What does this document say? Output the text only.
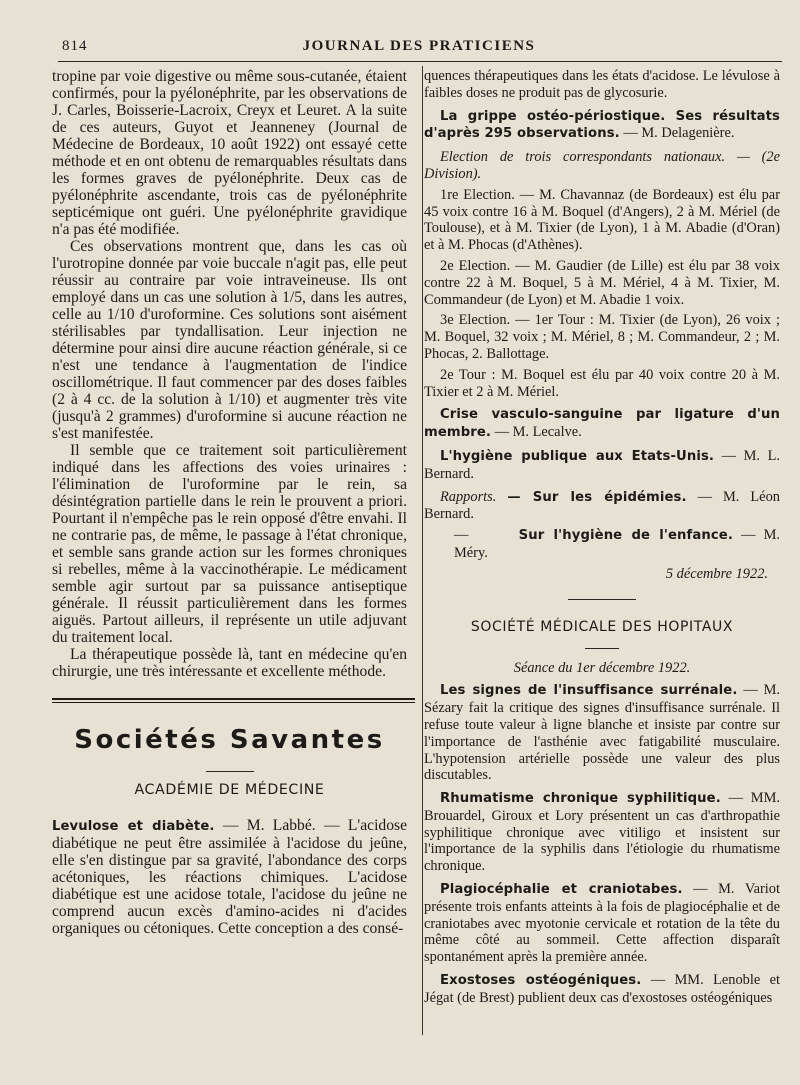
814	JOURNAL DES PRATICIENS

tropine par voie digestive ou même sous-cutanée, étaient confirmés, pour la pyélonéphrite, par les observations de J. Carles, Boisserie-Lacroix, Creyx et Leuret. A la suite de ces auteurs, Guyot et Jeanneney (Journal de Médecine de Bordeaux, 10 août 1922) ont essayé cette méthode et en ont obtenu de remarquables résultats dans les formes graves de pyélonéphrite. Deux cas de pyélonéphrite ascendante, trois cas de pyélonéphrite septicémique ont guéri. Une pyélonéphrite gravidique n'a pas été modifiée.

Ces observations montrent que, dans les cas où l'urotropine donnée par voie buccale n'agit pas, elle peut réussir au contraire par voie intraveineuse. Ils ont employé dans un cas une solution à 1/5, dans les autres, celle au 1/10 d'uroformine. Ces solutions sont aisément stérilisables par tyndallisation. Leur injection ne détermine pour ainsi dire aucune réaction générale, si ce n'est une tendance à l'augmentation de l'indice oscillométrique. Il faut commencer par des doses faibles (2 à 4 cc. de la solution à 1/10) et augmenter très vite (jusqu'à 2 grammes) d'uroformine si aucune réaction ne s'est manifestée.

Il semble que ce traitement soit particulièrement indiqué dans les affections des voies urinaires : l'élimination de l'uroformine par le rein, sa désintégration partielle dans le rein le prouvent a priori. Pourtant il n'empêche pas le rein opposé d'être envahi. Il ne contrarie pas, de même, le passage à l'état chronique, et semble sans grande action sur les formes chroniques si rebelles, même à la vaccinothérapie. Le médicament semble agir surtout par sa puissance antiseptique générale. Il réussit particulièrement dans les formes aiguës. Partout ailleurs, il représente un utile adjuvant du traitement local.

La thérapeutique possède là, tant en médecine qu'en chirurgie, une très intéressante et excellente méthode.

Sociétés Savantes
ACADÉMIE DE MÉDECINE

Levulose et diabète. — M. Labbé. — L'acidose diabétique ne peut être assimilée à l'acidose du jeûne, elle s'en distingue par sa gravité, l'abondance des corps acétoniques, les réactions chimiques. L'acidose diabétique est une acidose totale, l'acidose du jeûne ne comprend aucun excès d'amino-acides ni d'acides organiques ou cétoniques. Cette conception a des consé-

quences thérapeutiques dans les états d'acidose. Le lévulose à faibles doses ne produit pas de glycosurie.

La grippe ostéo-périostique. Ses résultats d'après 295 observations. — M. Delagenière.

Election de trois correspondants nationaux. — (2e Division).

1re Election. — M. Chavannaz (de Bordeaux) est élu par 45 voix contre 16 à M. Boquel (d'Angers), 2 à M. Mériel (de Toulouse), et à M. Tixier (de Lyon), 1 à M. Abadie (d'Oran) et à M. Phocas (d'Athènes).

2e Election. — M. Gaudier (de Lille) est élu par 38 voix contre 22 à M. Boquel, 5 à M. Mériel, 4 à M. Tixier, M. Commandeur (de Lyon) et M. Abadie 1 voix.

3e Election. — 1er Tour : M. Tixier (de Lyon), 26 voix ; M. Boquel, 32 voix ; M. Mériel, 8 ; M. Commandeur, 2 ; M. Phocas, 2. Ballottage.

2e Tour : M. Boquel est élu par 40 voix contre 20 à M. Tixier et 2 à M. Mériel.

Crise vasculo-sanguine par ligature d'un membre. — M. Lecalve.

L'hygiène publique aux Etats-Unis. — M. L. Bernard.

Rapports. — Sur les épidémies. — M. Léon Bernard.

—	Sur l'hygiène de l'enfance. — M. Méry.

5 décembre 1922.

SOCIÉTÉ MÉDICALE DES HOPITAUX

Séance du 1er décembre 1922.

Les signes de l'insuffisance surrénale. — M. Sézary fait la critique des signes d'insuffisance surrénale. Il refuse toute valeur à ligne blanche et insiste par contre sur l'importance de l'asthénie avec fatigabilité musculaire. L'hypotension artérielle possède une valeur des plus discutables.

Rhumatisme chronique syphilitique. — MM. Brouardel, Giroux et Lory présentent un cas d'arthropathie syphilitique chronique avec vitiligo et insistent sur l'importance de la syphilis dans l'étiologie du rhumatisme chronique.

Plagiocéphalie et craniotabes. — M. Variot présente trois enfants atteints à la fois de plagiocéphalie et de craniotabes avec myotonie cervicale et rotation de la tête du même côté au sommeil. Cette affection disparaît spontanément après la première année.

Exostoses ostéogéniques. — MM. Lenoble et Jégat (de Brest) publient deux cas d'exostoses ostéogéniques
